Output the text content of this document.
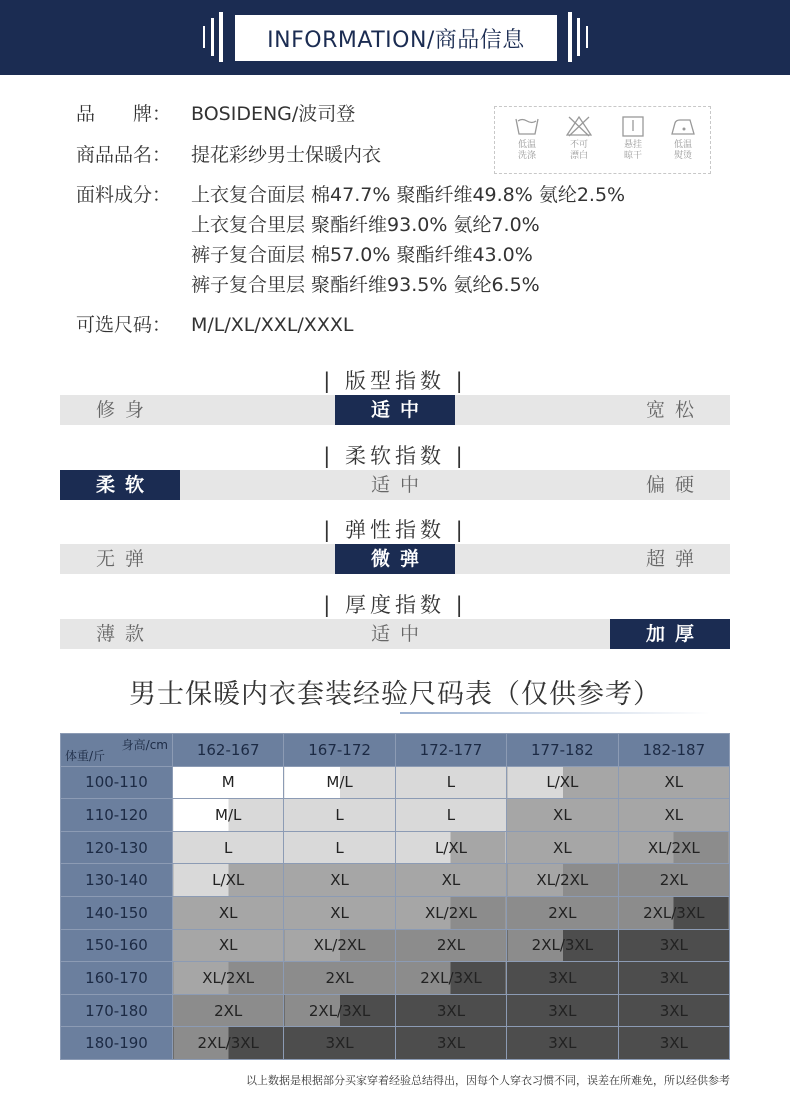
INFORMATION/商品信息
品　　牌： BOSIDENG/波司登
商品品名： 提花彩纱男士保暖内衣
面料成分： 上衣复合面层 棉47.7% 聚酯纤维49.8% 氨纶2.5%
上衣复合里层 聚酯纤维93.0% 氨纶7.0%
裤子复合面层 棉57.0% 聚酯纤维43.0%
裤子复合里层 聚酯纤维93.5% 氨纶6.5%
可选尺码： M/L/XL/XXL/XXXL
低温
洗涤
不可
漂白
悬挂
晾干
低温
熨烫
| 版型指数 |
修身	适中	宽松
| 柔软指数 |
柔软	适中	偏硬
| 弹性指数 |
无弹	微弹	超弹
| 厚度指数 |
薄款	适中	加厚
男士保暖内衣套装经验尺码表（仅供参考）
身高/cm
体重/斤	162-167	167-172	172-177	177-182	182-187
100-110	M	M/L	L	L/XL	XL
110-120	M/L	L	L	XL	XL
120-130	L	L	L/XL	XL	XL/2XL
130-140	L/XL	XL	XL	XL/2XL	2XL
140-150	XL	XL	XL/2XL	2XL	2XL/3XL
150-160	XL	XL/2XL	2XL	2XL/3XL	3XL
160-170	XL/2XL	2XL	2XL/3XL	3XL	3XL
170-180	2XL	2XL/3XL	3XL	3XL	3XL
180-190	2XL/3XL	3XL	3XL	3XL	3XL
以上数据是根据部分买家穿着经验总结得出，因每个人穿衣习惯不同，误差在所难免，所以经供参考
